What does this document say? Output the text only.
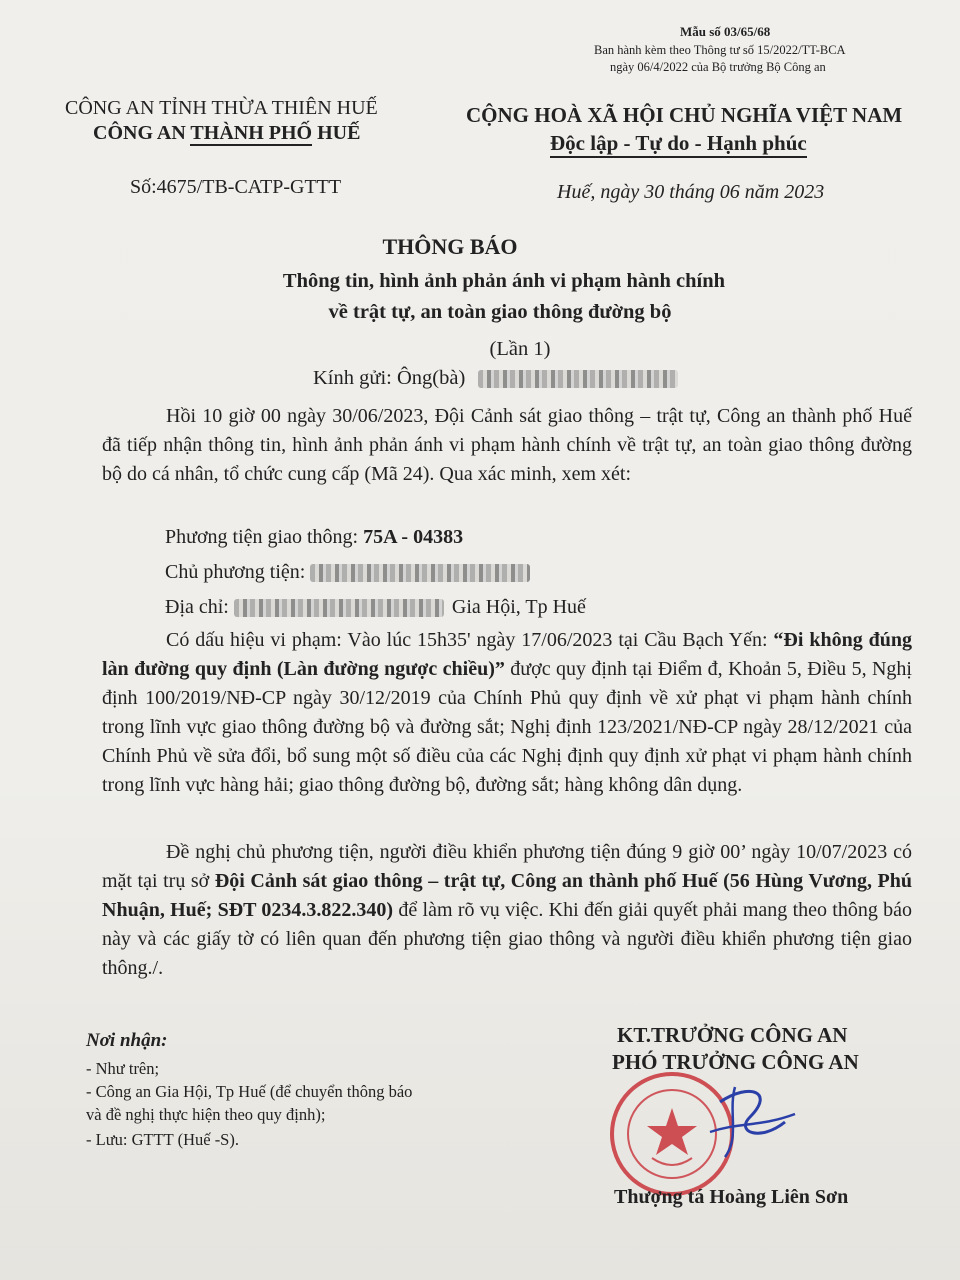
Mẫu số 03/65/68
Ban hành kèm theo Thông tư số 15/2022/TT-BCA
ngày 06/4/2022 của Bộ trưởng Bộ Công an
CÔNG AN TỈNH THỪA THIÊN HUẾ
CÔNG AN THÀNH PHỐ HUẾ
CỘNG HOÀ XÃ HỘI CHỦ NGHĨA VIỆT NAM
Độc lập - Tự do - Hạnh phúc
Số:4675/TB-CATP-GTTT	Huế, ngày 30 tháng 06 năm 2023
THÔNG BÁO
Thông tin, hình ảnh phản ánh vi phạm hành chính
về trật tự, an toàn giao thông đường bộ
(Lần 1)
Kính gửi: Ông(bà)
Hồi 10 giờ 00 ngày 30/06/2023, Đội Cảnh sát giao thông – trật tự, Công an thành phố Huế đã tiếp nhận thông tin, hình ảnh phản ánh vi phạm hành chính về trật tự, an toàn giao thông đường bộ do cá nhân, tổ chức cung cấp (Mã 24). Qua xác minh, xem xét:
Phương tiện giao thông: 75A - 04383
Chủ phương tiện:
Địa chỉ:	Gia Hội, Tp Huế
Có dấu hiệu vi phạm: Vào lúc 15h35' ngày 17/06/2023 tại Cầu Bạch Yến: “Đi không đúng làn đường quy định (Làn đường ngược chiều)” được quy định tại Điểm đ, Khoản 5, Điều 5, Nghị định 100/2019/NĐ-CP ngày 30/12/2019 của Chính Phủ quy định về xử phạt vi phạm hành chính trong lĩnh vực giao thông đường bộ và đường sắt; Nghị định 123/2021/NĐ-CP ngày 28/12/2021 của Chính Phủ về sửa đổi, bổ sung một số điều của các Nghị định quy định xử phạt vi phạm hành chính trong lĩnh vực hàng hải; giao thông đường bộ, đường sắt; hàng không dân dụng.
Đề nghị chủ phương tiện, người điều khiển phương tiện đúng 9 giờ 00’ ngày 10/07/2023 có mặt tại trụ sở Đội Cảnh sát giao thông – trật tự, Công an thành phố Huế (56 Hùng Vương, Phú Nhuận, Huế; SĐT 0234.3.822.340) để làm rõ vụ việc. Khi đến giải quyết phải mang theo thông báo này và các giấy tờ có liên quan đến phương tiện giao thông và người điều khiển phương tiện giao thông./.
Nơi nhận:
- Như trên;
- Công an Gia Hội, Tp Huế (để chuyển thông báo
và đề nghị thực hiện theo quy định);
- Lưu: GTTT (Huế -S).
KT.TRƯỞNG CÔNG AN
PHÓ TRƯỞNG CÔNG AN
Thượng tá Hoàng Liên Sơn
